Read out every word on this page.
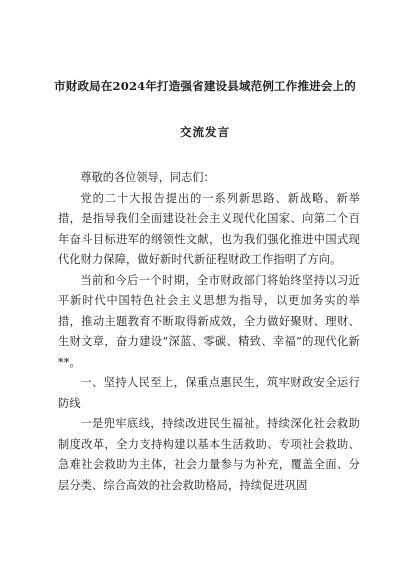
市财政局在2024年打造强省建设县域范例工作推进会上的
交流发言

尊敬的各位领导，同志们：

党的二十大报告提出的一系列新思路、新战略、新举措，是指导我们全面建设社会主义现代化国家、向第二个百年奋斗目标进军的纲领性文献，也为我们强化推进中国式现代化财力保障，做好新时代新征程财政工作指明了方向。

当前和今后一个时期，全市财政部门将始终坚持以习近平新时代中国特色社会主义思想为指导，以更加务实的举措，推动主题教育不断取得新成效，全力做好聚财、理财、生财文章，奋力建设“深蓝、零碳、精致、幸福”的现代化新**。

一、坚持人民至上，保重点惠民生，筑牢财政安全运行防线

一是兜牢底线，持续改进民生福祉。持续深化社会救助制度改革，全力支持构建以基本生活救助、专项社会救助、急难社会救助为主体，社会力量参与为补充，覆盖全面、分层分类、综合高效的社会救助格局，持续促进巩固
